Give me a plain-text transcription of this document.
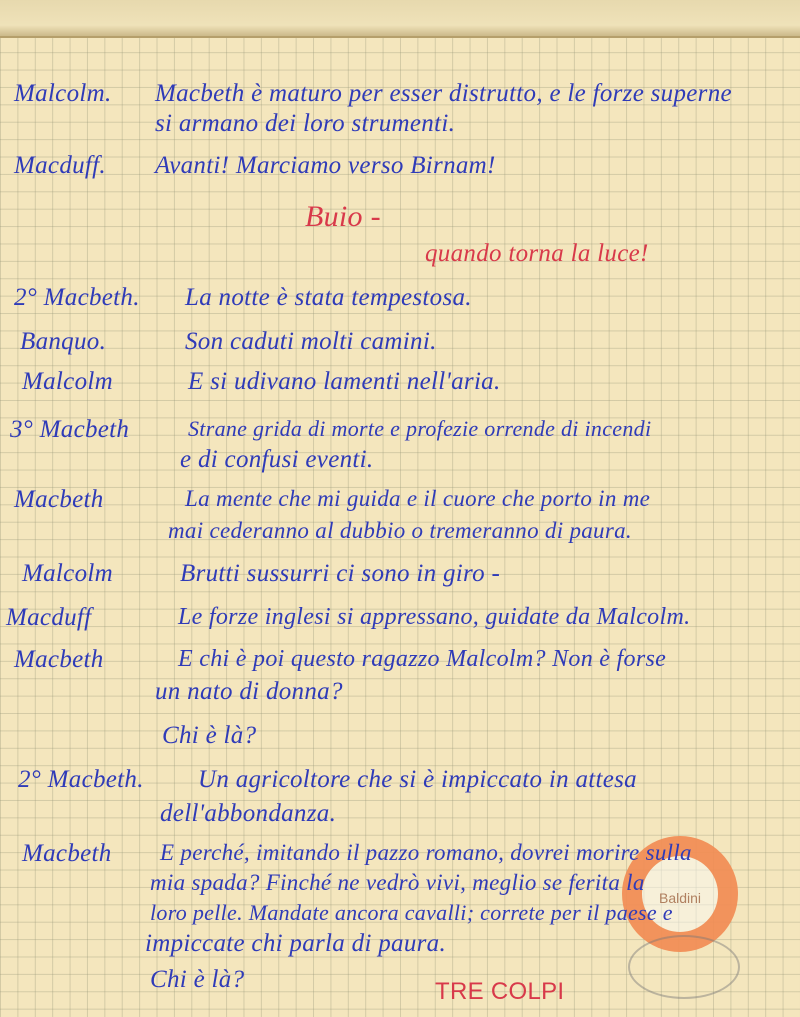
Baldini
Malcolm. Macbeth è maturo per esser distrutto, e le forze superne
si armano dei loro strumenti.
Macduff. Avanti! Marciamo verso Birnam!
Buio -
quando torna la luce!
2° Macbeth. La notte è stata tempestosa.
Banquo.	Son caduti molti camini.
Malcolm	E si udivano lamenti nell'aria.
3° Macbeth	Strane grida di morte e profezie orrende di incendi
e di confusi eventi.
Macbeth	La mente che mi guida e il cuore che porto in me
mai cederanno al dubbio o tremeranno di paura.
Malcolm	Brutti sussurri ci sono in giro -
Macduff	Le forze inglesi si appressano, guidate da Malcolm.
Macbeth	E chi è poi questo ragazzo Malcolm? Non è forse
un nato di donna?
Chi è là?
2° Macbeth. Un agricoltore che si è impiccato in attesa
dell'abbondanza.
Macbeth E perché, imitando il pazzo romano, dovrei morire sulla
mia spada? Finché ne vedrò vivi, meglio se ferita la
loro pelle. Mandate ancora cavalli; correte per il paese e
impiccate chi parla di paura.
Chi è là?	TRE COLPI
